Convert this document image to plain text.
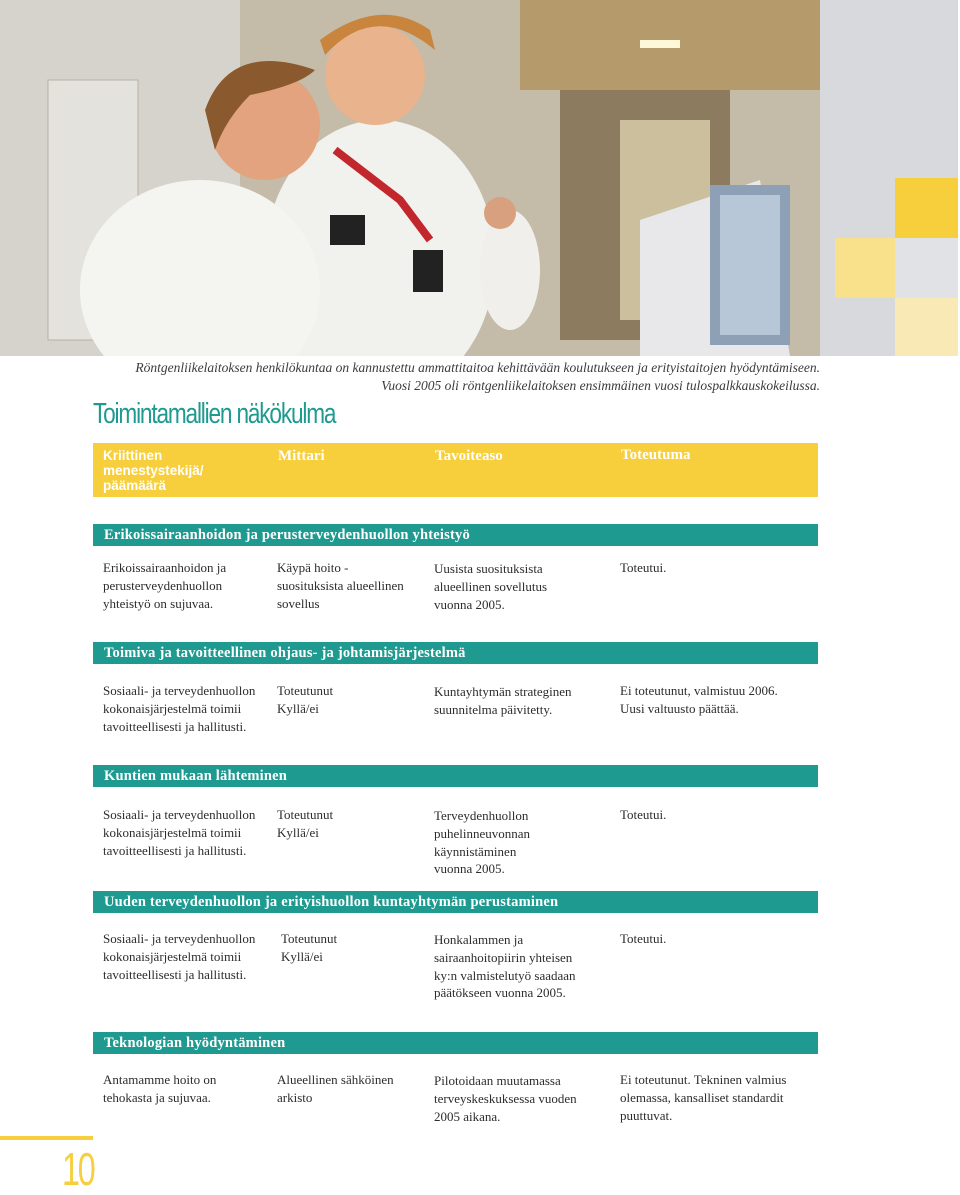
Röntgenliikelaitoksen henkilökuntaa on kannustettu ammattitaitoa kehittävään koulutukseen ja erityistaitojen hyödyntämiseen.
Vuosi 2005 oli röntgenliikelaitoksen ensimmäinen vuosi tulospalkkauskokeilussa.
Toimintamallien näkökulma
Kriittinen
menestystekijä/
päämäärä
Mittari	Tavoiteaso	Toteutuma
Erikoissairaanhoidon ja perusterveydenhuollon yhteistyö
Erikoissairaanhoidon ja
perusterveydenhuollon
yhteistyö on sujuvaa.
Käypä hoito -
suosituksista alueellinen
sovellus
Uusista suosituksista
alueellinen sovellutus
vuonna 2005.
Toteutui.
Toimiva ja tavoitteellinen ohjaus- ja johtamisjärjestelmä
Sosiaali- ja terveydenhuollon
kokonaisjärjestelmä toimii
tavoitteellisesti ja hallitusti.
Toteutunut
Kyllä/ei
Kuntayhtymän strateginen
suunnitelma päivitetty.
Ei toteutunut, valmistuu 2006.
Uusi valtuusto päättää.
Kuntien mukaan lähteminen
Sosiaali- ja terveydenhuollon
kokonaisjärjestelmä toimii
tavoitteellisesti ja hallitusti.
Toteutunut
Kyllä/ei
Terveydenhuollon
puhelinneuvonnan
käynnistäminen
vuonna 2005.
Toteutui.
Uuden terveydenhuollon ja erityishuollon kuntayhtymän perustaminen
Sosiaali- ja terveydenhuollon
kokonaisjärjestelmä toimii
tavoitteellisesti ja hallitusti.
Toteutunut
Kyllä/ei
Honkalammen ja
sairaanhoitopiirin yhteisen
ky:n valmistelutyö saadaan
päätökseen vuonna 2005.
Toteutui.
Teknologian hyödyntäminen
Antamamme hoito on
tehokasta ja sujuvaa.
Alueellinen sähköinen
arkisto
Pilotoidaan muutamassa
terveyskeskuksessa vuoden
2005 aikana.
Ei toteutunut. Tekninen valmius
olemassa, kansalliset standardit
puuttuvat.
10
